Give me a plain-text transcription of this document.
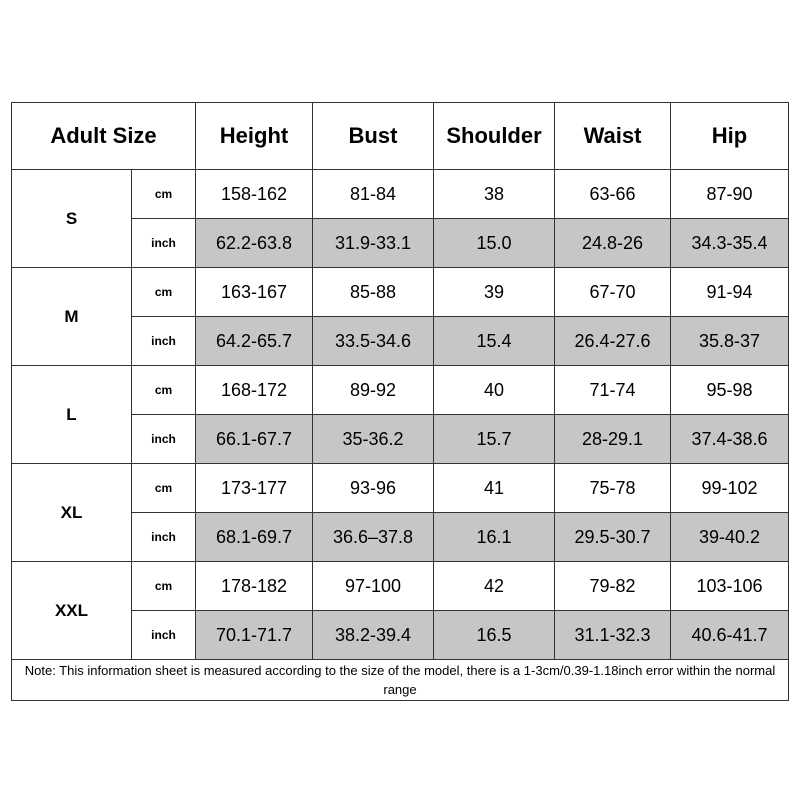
Adult Size		Height	Bust	Shoulder	Waist	Hip
S	cm	158-162	81-84	38	63-66	87-90
	inch	62.2-63.8	31.9-33.1	15.0	24.8-26	34.3-35.4
M	cm	163-167	85-88	39	67-70	91-94
	inch	64.2-65.7	33.5-34.6	15.4	26.4-27.6	35.8-37
L	cm	168-172	89-92	40	71-74	95-98
	inch	66.1-67.7	35-36.2	15.7	28-29.1	37.4-38.6
XL	cm	173-177	93-96	41	75-78	99-102
	inch	68.1-69.7	36.6–37.8	16.1	29.5-30.7	39-40.2
XXL	cm	178-182	97-100	42	79-82	103-106
	inch	70.1-71.7	38.2-39.4	16.5	31.1-32.3	40.6-41.7
Note: This information sheet is measured according to the size of the model, there is a 1-3cm/0.39-1.18inch error within the normal range						
